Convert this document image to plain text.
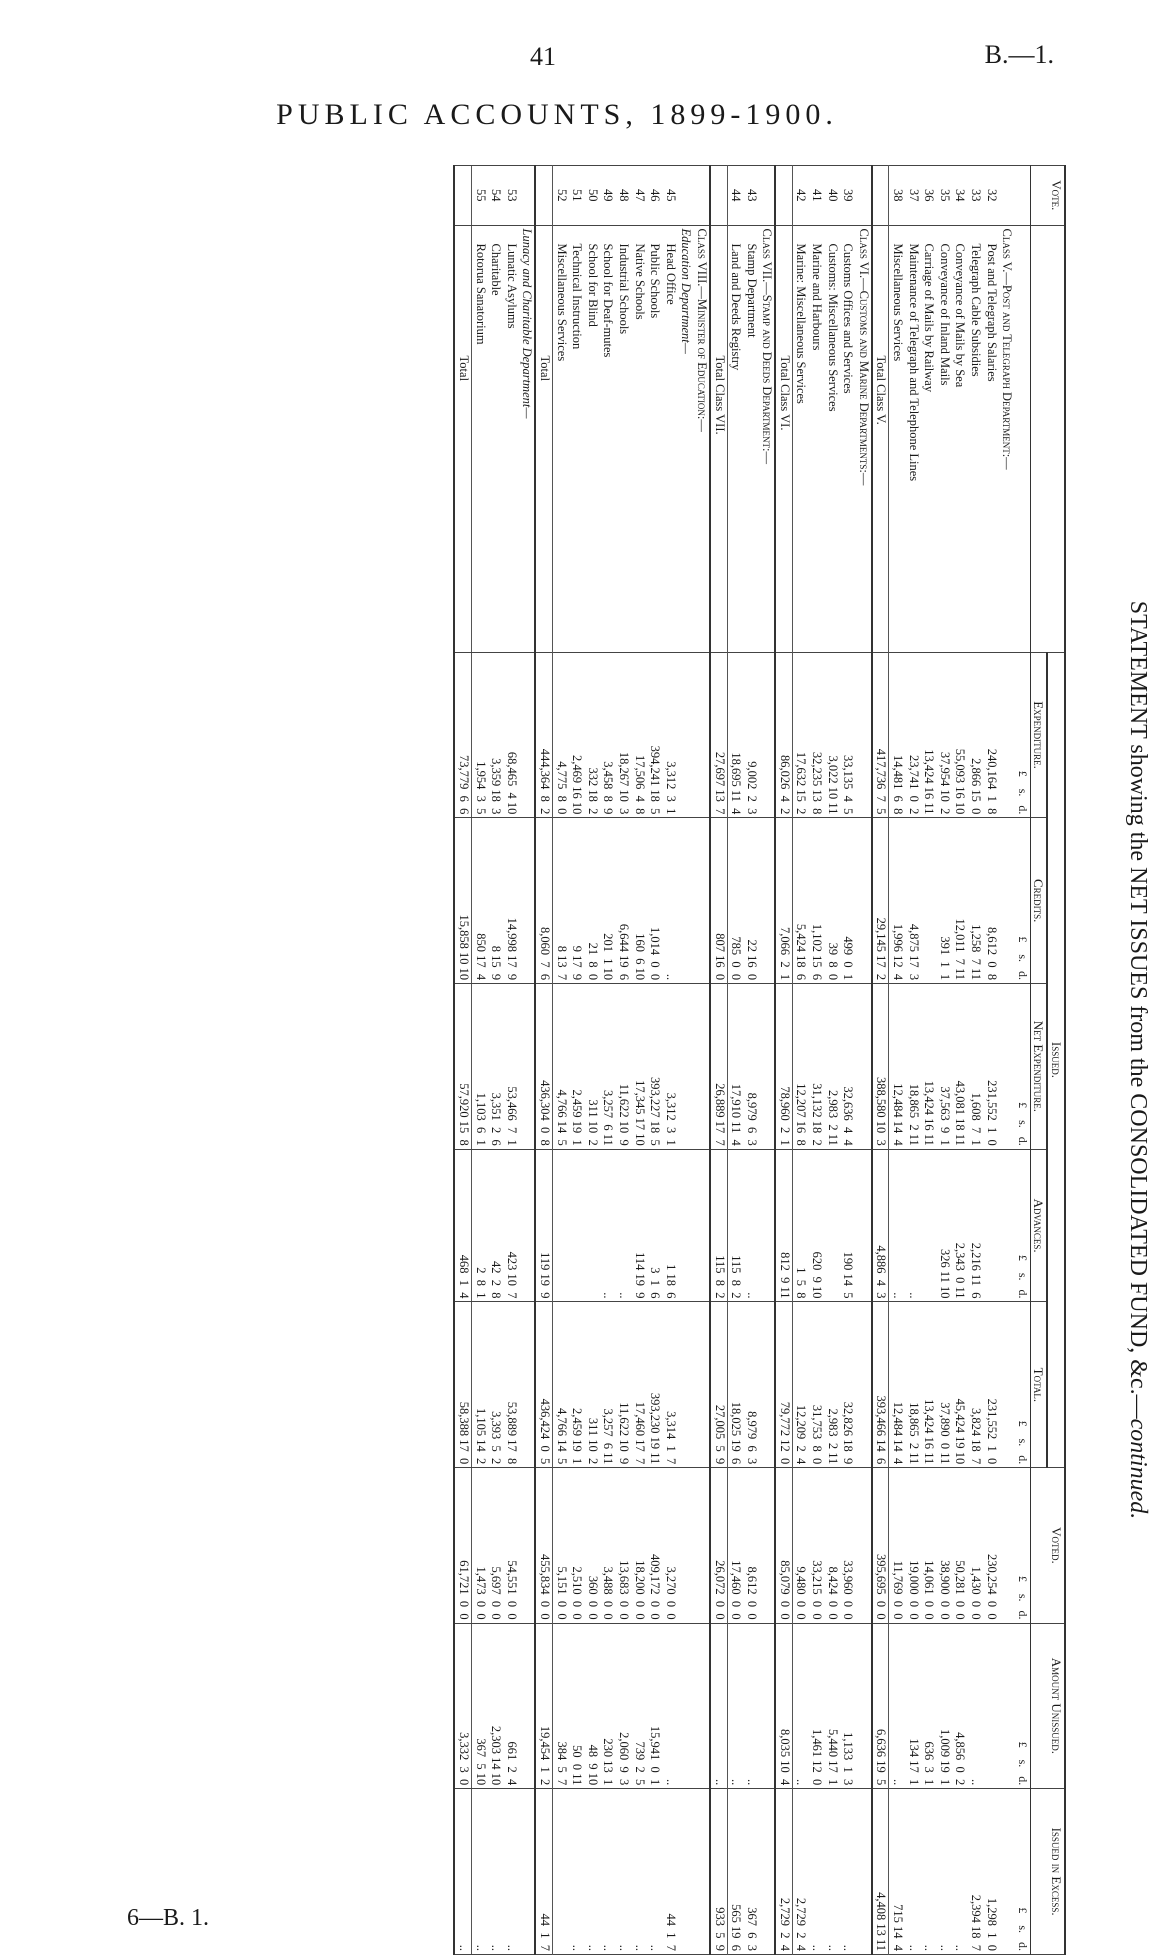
41	B.—1.
PUBLIC ACCOUNTS, 1899-1900.
STATEMENT showing the NET ISSUES from the CONSOLIDATED FUND, &c.—continued.
Vote.		Issued.					Voted.	Amount Unissued.	Issued in Excess.
		Expenditure.	Credits.	Net Expenditure.	Advances.	Total.			
		£    s.   d.	£    s.   d.	£    s.   d.	£    s.   d.	£    s.   d.	£    s.   d.	£    s.   d.	£    s.   d.
	Class V.—Post and Telegraph Department:—								
32	Post and Telegraph Salaries	240,164  1  8	8,612  0  8	231,552  1  0		231,552  1  0	230,254  0  0		1,298  1  0
33	Telegraph Cable Subsidies	2,866 15  0	1,258  7 11	1,608  7  1	2,216 11  6	3,824 18  7	1,430  0  0	..	2,394 18  7
34	Conveyance of Mails by Sea	55,093 16 10	12,011  7 11	43,081 18 11	2,343  0 11	45,424 19 10	50,281  0  0	4,856  0  2	..
35	Conveyance of Inland Mails	37,954 10  2	391  1  1	37,563  9  1	326 11 10	37,890  0 11	38,900  0  0	1,009 19  1	..
36	Carriage of Mails by Railway	13,424 16 11		13,424 16 11		13,424 16 11	14,061  0  0	636  3  1	..
37	Maintenance of Telegraph and Telephone Lines	23,741  0  2	4,875 17  3	18,865  2 11	..	18,865  2 11	19,000  0  0	134 17  1	..
38	Miscellaneous Services	14,481  6  8	1,996 12  4	12,484 14  4	..	12,484 14  4	11,769  0  0	..	715 14  4
	Total Class V.	417,736  7  5	29,145 17  2	388,580 10  3	4,886  4  3	393,466 14  6	395,695  0  0	6,636 19  5	4,408 13 11
	Class VI.—Customs and Marine Departments:—								
39	Customs Offices and Services	33,135  4  5	499  0  1	32,636  4  4	190 14  5	32,826 18  9	33,960  0  0	1,133  1  3	..
40	Customs: Miscellaneous Services	3,022 10 11	39  8  0	2,983  2 11		2,983  2 11	8,424  0  0	5,440 17  1	..
41	Marine and Harbours	32,235 13  8	1,102 15  6	31,132 18  2	620  9 10	31,753  8  0	33,215  0  0	1,461 12  0	..
42	Marine: Miscellaneous Services	17,632 15  2	5,424 18  6	12,207 16  8	1  5  8	12,209  2  4	9,480  0  0	..	2,729  2  4
	Total Class VI.	86,026  4  2	7,066  2  1	78,960  2  1	812  9 11	79,772 12  0	85,079  0  0	8,035 10  4	2,729  2  4
	Class VII.—Stamp and Deeds Department:—								
43	Stamp Department	9,002  2  3	22 16  0	8,979  6  3	..	8,979  6  3	8,612  0  0	..	367  6  3
44	Land and Deeds Registry	18,695 11  4	785  0  0	17,910 11  4	115  8  2	18,025 19  6	17,460  0  0	..	565 19  6
	Total Class VII.	27,697 13  7	807 16  0	26,889 17  7	115  8  2	27,005  5  9	26,072  0  0	..	933  5  9
	Class VIII.—Minister of Education:—								
	Education Department—								
45	Head Office	3,312  3  1	..	3,312  3  1	1 18  6	3,314  1  7	3,270  0  0	..	44  1  7
46	Public Schools	394,241 18  5	1,014  0  0	393,227 18  5	3  1  6	393,230 19 11	409,172  0  0	15,941  0  1	..
47	Native Schools	17,506  4  8	160  6 10	17,345 17 10	114 19  9	17,460 17  7	18,200  0  0	739  2  5	..
48	Industrial Schools	18,267 10  3	6,644 19  6	11,622 10  9	..	11,622 10  9	13,683  0  0	2,060  9  3	..
49	School for Deaf-mutes	3,458  8  9	201  1 10	3,257  6 11	..	3,257  6 11	3,488  0  0	230 13  1	..
50	School for Blind	332 18  2	21  8  0	311 10  2		311 10  2	360  0  0	48  9 10	..
51	Technical Instruction	2,469 16 10	9 17  9	2,459 19  1		2,459 19  1	2,510  0  0	50  0 11	..
52	Miscellaneous Services	4,775  8  0	8 13  7	4,766 14  5		4,766 14  5	5,151  0  0	384  5  7	
	Total	444,364  8  2	8,060  7  6	436,304  0  8	119 19  9	436,424  0  5	455,834  0  0	19,454  1  2	44  1  7
	Lunacy and Charitable Department—								
53	Lunatic Asylums	68,465  4 10	14,998 17  9	53,466  7  1	423 10  7	53,889 17  8	54,551  0  0	661  2  4	..
54	Charitable	3,359 18  3	8 15  9	3,351  2  6	42  2  8	3,393  5  2	5,697  0  0	2,303 14 10	..
55	Rotorua Sanatorium	1,954  3  5	850 17  4	1,103  6  1	2  8  1	1,105 14  2	1,473  0  0	367  5 10	..
	Total	73,779  6  6	15,858 10 10	57,920 15  8	468  1  4	58,388 17  0	61,721  0  0	3,332  3  0	..
6—B. 1.
